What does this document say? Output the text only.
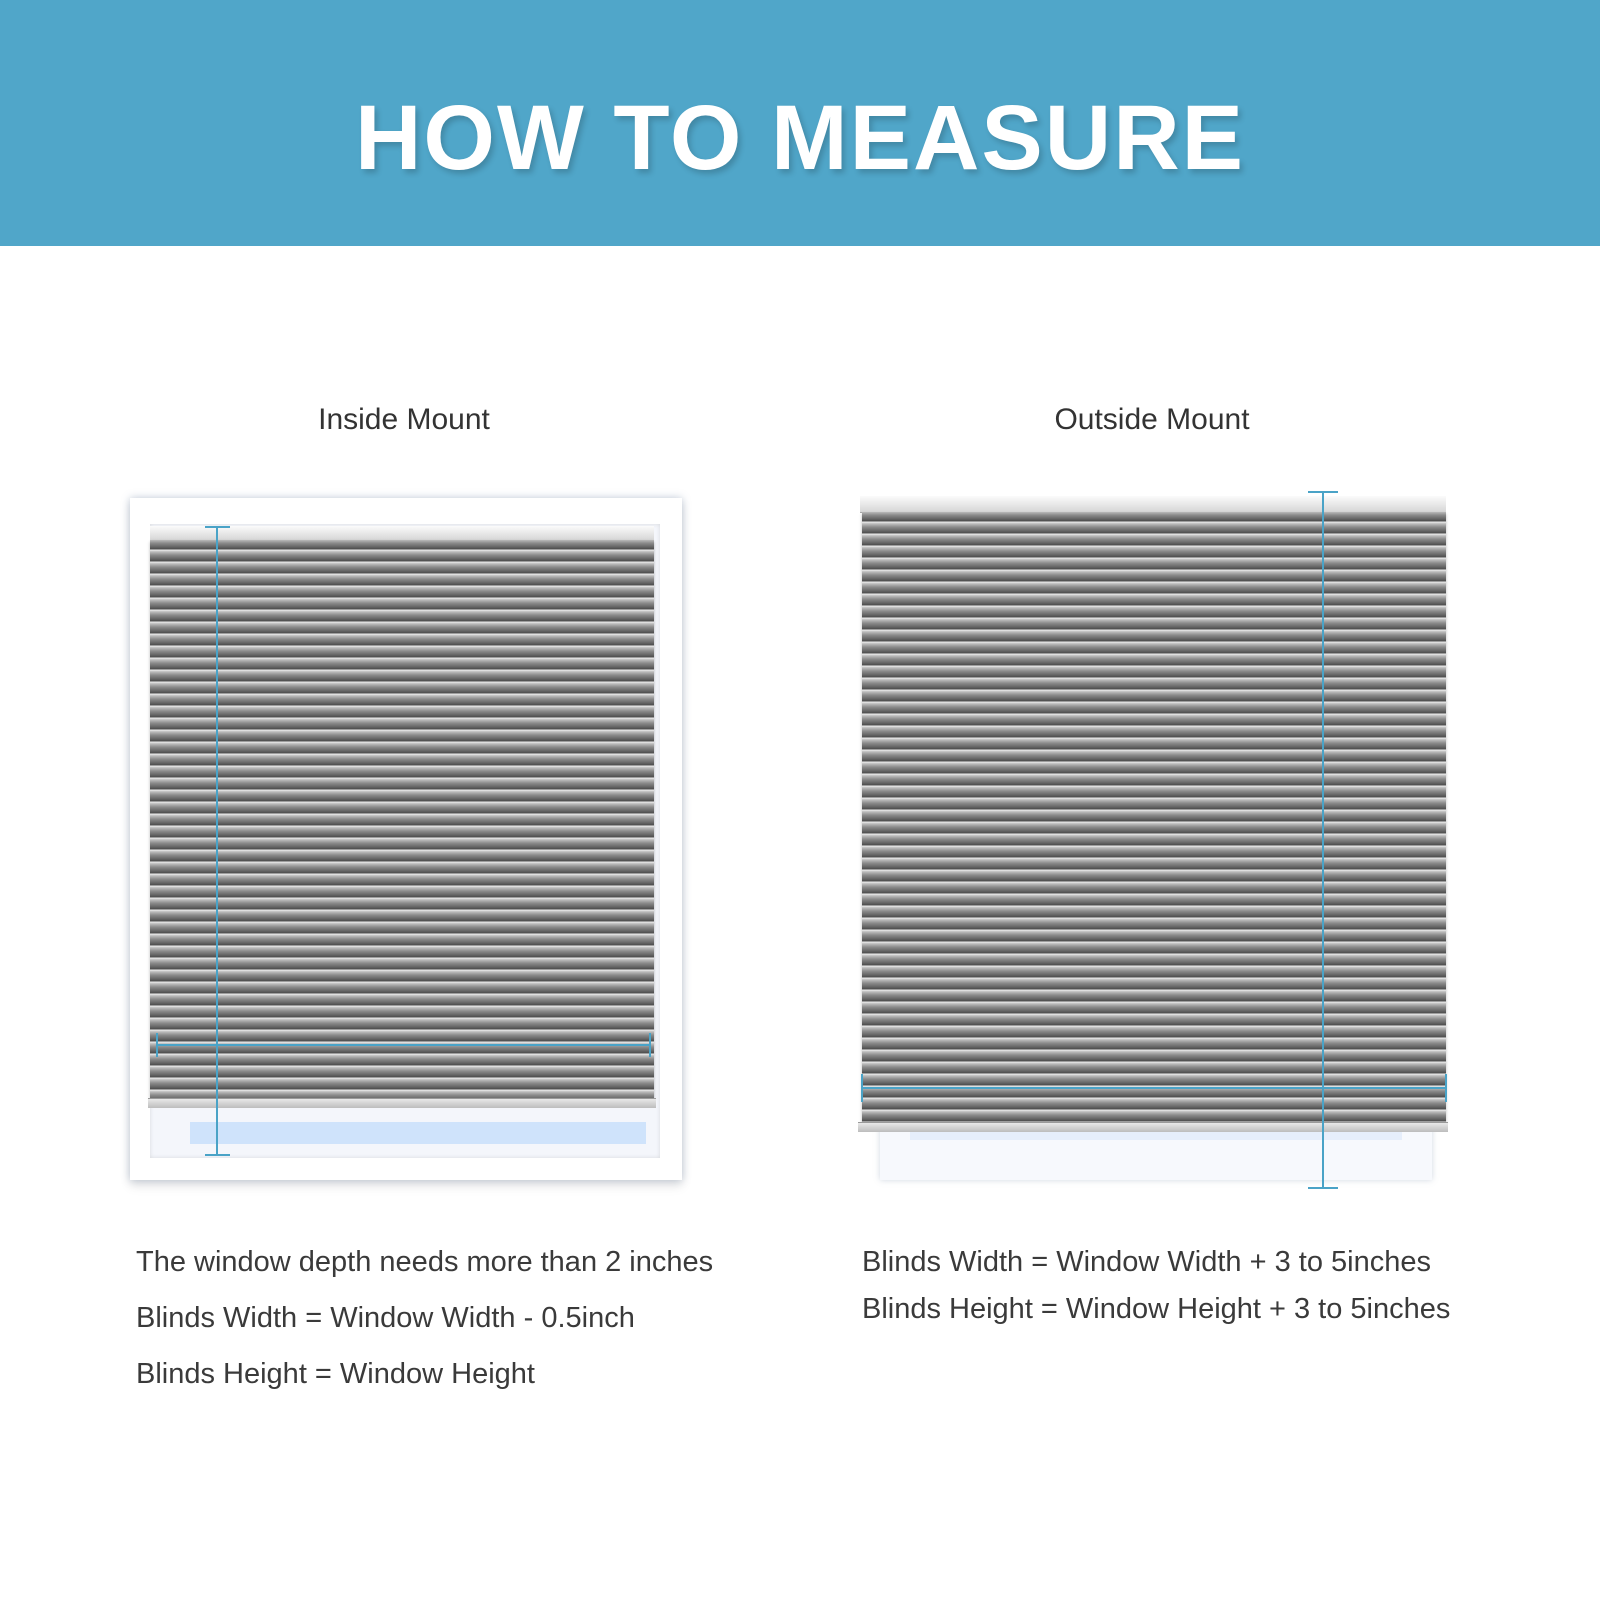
HOW TO MEASURE
Inside Mount	Outside Mount
The window depth needs more than 2 inches
Blinds Width = Window Width - 0.5inch
Blinds Height = Window Height
Blinds Width = Window Width + 3 to 5inches
Blinds Height = Window Height + 3 to 5inches
